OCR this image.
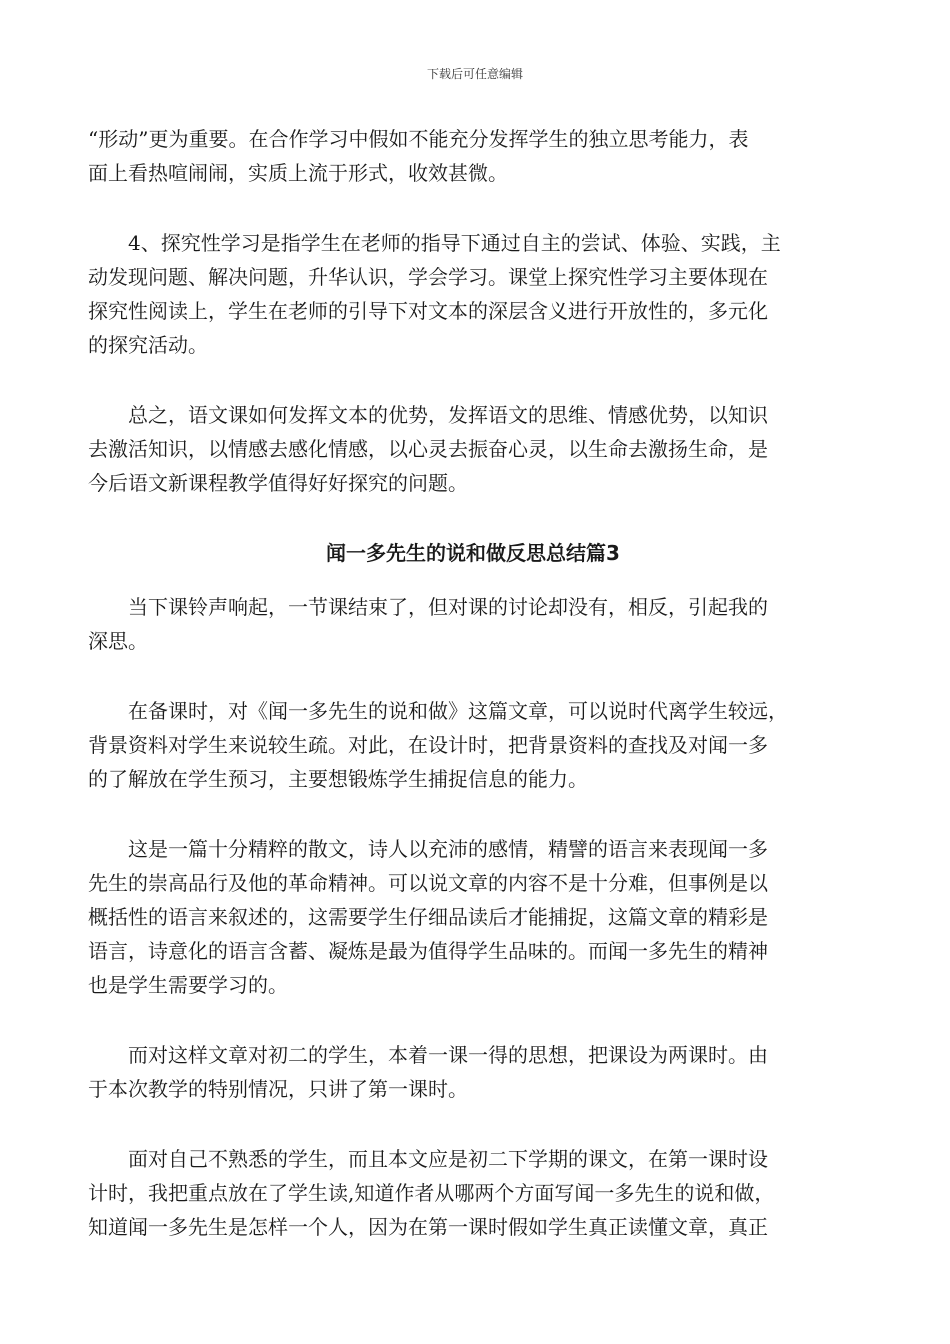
下载后可任意编辑
“形动”更为重要。在合作学习中假如不能充分发挥学生的独立思考能力，表
面上看热喧闹闹，实质上流于形式，收效甚微。
　　4、探究性学习是指学生在老师的指导下通过自主的尝试、体验、实践，主
动发现问题、解决问题，升华认识，学会学习。课堂上探究性学习主要体现在
探究性阅读上，学生在老师的引导下对文本的深层含义进行开放性的，多元化
的探究活动。
　　总之，语文课如何发挥文本的优势，发挥语文的思维、情感优势，以知识
去激活知识，以情感去感化情感，以心灵去振奋心灵，以生命去激扬生命，是
今后语文新课程教学值得好好探究的问题。
闻一多先生的说和做反思总结篇3
　　当下课铃声响起，一节课结束了，但对课的讨论却没有，相反，引起我的
深思。
　　在备课时，对《闻一多先生的说和做》这篇文章，可以说时代离学生较远，
背景资料对学生来说较生疏。对此，在设计时，把背景资料的查找及对闻一多
的了解放在学生预习，主要想锻炼学生捕捉信息的能力。
　　这是一篇十分精粹的散文，诗人以充沛的感情，精譬的语言来表现闻一多
先生的崇高品行及他的革命精神。可以说文章的内容不是十分难，但事例是以
概括性的语言来叙述的，这需要学生仔细品读后才能捕捉，这篇文章的精彩是
语言，诗意化的语言含蓄、凝炼是最为值得学生品味的。而闻一多先生的精神
也是学生需要学习的。
　　而对这样文章对初二的学生，本着一课一得的思想，把课设为两课时。由
于本次教学的特别情况，只讲了第一课时。
　　面对自己不熟悉的学生，而且本文应是初二下学期的课文，在第一课时设
计时，我把重点放在了学生读,知道作者从哪两个方面写闻一多先生的说和做，
知道闻一多先生是怎样一个人，因为在第一课时假如学生真正读懂文章，真正
